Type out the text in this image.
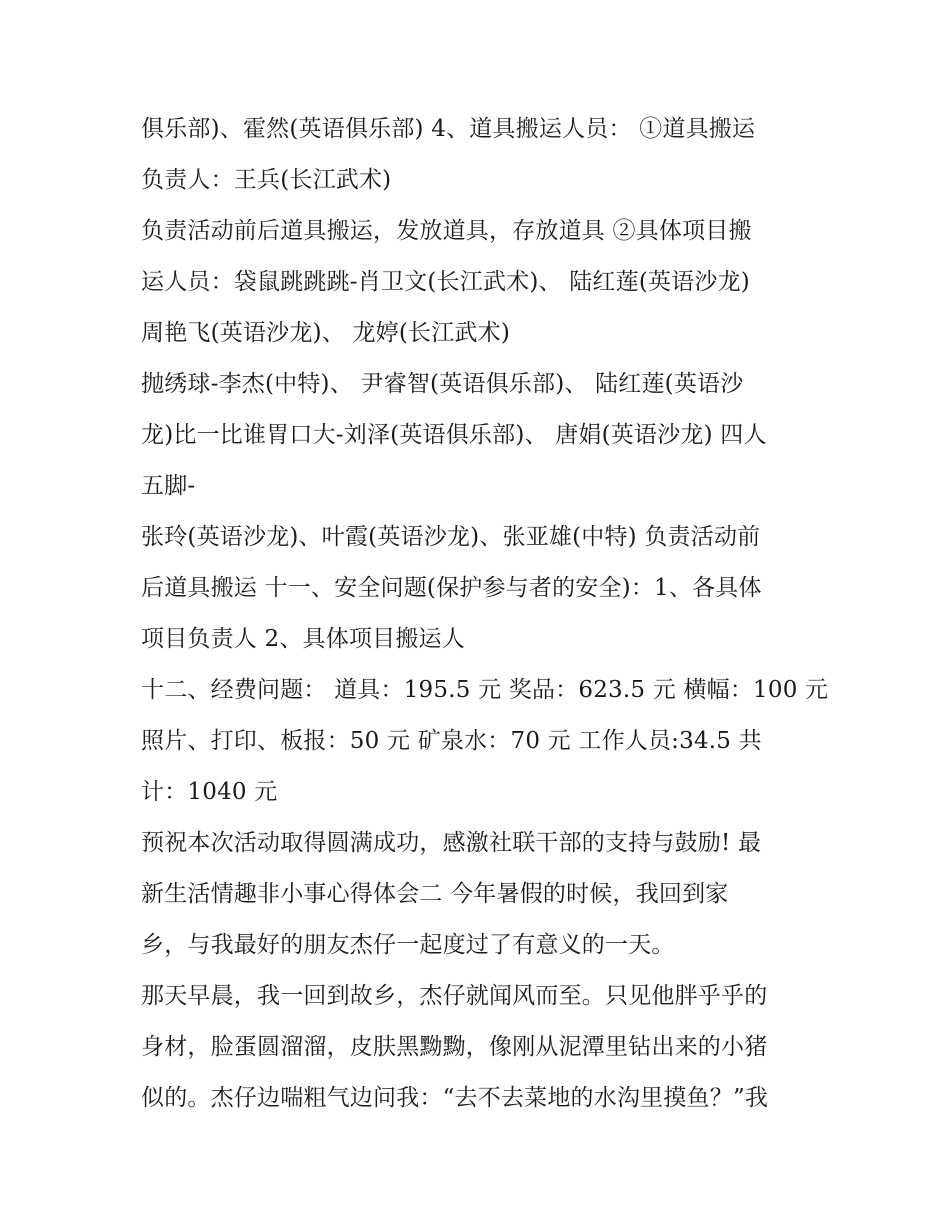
俱乐部)、霍然(英语俱乐部) 4、道具搬运人员： ①道具搬运
负责人：王兵(长江武术)
负责活动前后道具搬运，发放道具，存放道具 ②具体项目搬
运人员：袋鼠跳跳跳-肖卫文(长江武术)、 陆红莲(英语沙龙)
周艳飞(英语沙龙)、 龙婷(长江武术)
抛绣球-李杰(中特)、 尹睿智(英语俱乐部)、 陆红莲(英语沙
龙)比一比谁胃口大-刘泽(英语俱乐部)、 唐娟(英语沙龙) 四人
五脚-
张玲(英语沙龙)、叶霞(英语沙龙)、张亚雄(中特) 负责活动前
后道具搬运 十一、安全问题(保护参与者的安全)：1、各具体
项目负责人 2、具体项目搬运人
十二、经费问题： 道具：195.5 元 奖品：623.5 元 横幅：100 元
照片、打印、板报：50 元 矿泉水：70 元 工作人员:34.5 共
计：1040 元
预祝本次活动取得圆满成功，感激社联干部的支持与鼓励! 最
新生活情趣非小事心得体会二 今年暑假的时候，我回到家
乡，与我最好的朋友杰仔一起度过了有意义的一天。
那天早晨，我一回到故乡，杰仔就闻风而至。只见他胖乎乎的
身材，脸蛋圆溜溜，皮肤黑黝黝，像刚从泥潭里钻出来的小猪
似的。杰仔边喘粗气边问我：“去不去菜地的水沟里摸鱼？”我
